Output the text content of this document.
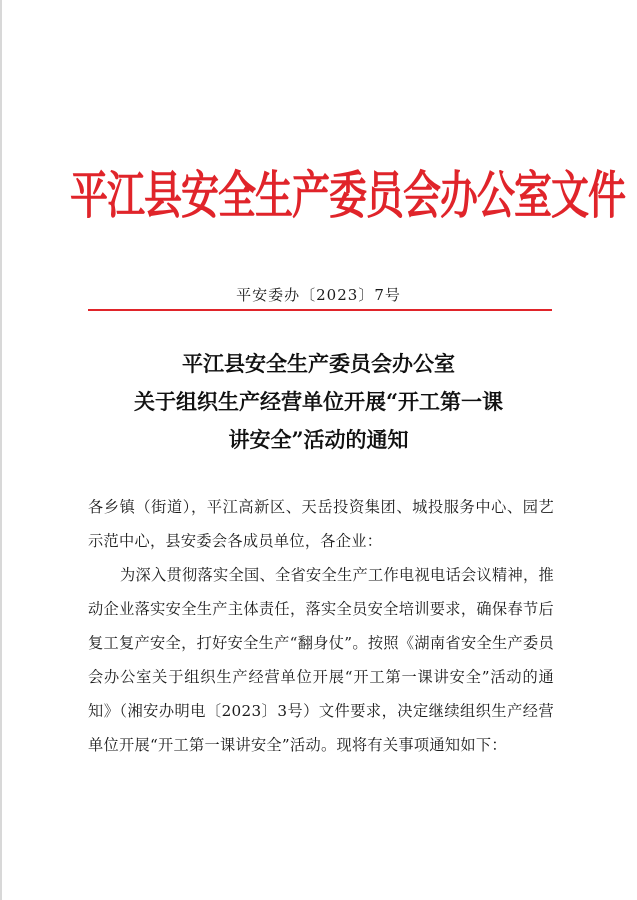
平江县安全生产委员会办公室文件
平安委办〔2023〕7号
平江县安全生产委员会办公室
关于组织生产经营单位开展“开工第一课
讲安全”活动的通知

各乡镇（街道），平江高新区、天岳投资集团、城投服务中心、园艺示范中心，县安委会各成员单位，各企业：

为深入贯彻落实全国、全省安全生产工作电视电话会议精神，推动企业落实安全生产主体责任，落实全员安全培训要求，确保春节后复工复产安全，打好安全生产“翻身仗”。按照《湖南省安全生产委员会办公室关于组织生产经营单位开展“开工第一课讲安全”活动的通知》（湘安办明电〔2023〕3号）文件要求，决定继续组织生产经营单位开展“开工第一课讲安全”活动。现将有关事项通知如下：
